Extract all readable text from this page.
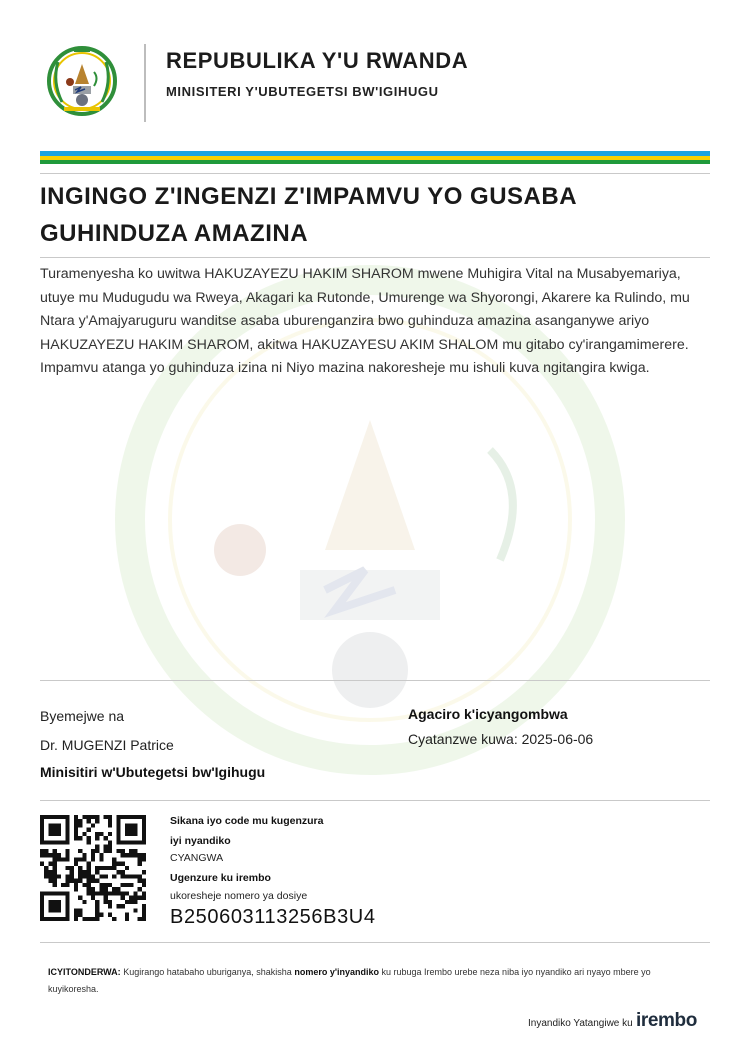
REPUBULIKA Y'U RWANDA
MINISITERI Y'UBUTEGETSI BW'IGIHUGU
INGINGO Z'INGENZI Z'IMPAMVU YO GUSABA GUHINDUZA AMAZINA
Turamenyesha ko uwitwa HAKUZAYEZU HAKIM SHAROM mwene Muhigira Vital na Musabyemariya, utuye mu Mudugudu wa Rweya, Akagari ka Rutonde, Umurenge wa Shyorongi, Akarere ka Rulindo, mu Ntara y'Amajyaruguru wanditse asaba uburenganzira bwo guhinduza amazina asanganywe ariyo HAKUZAYEZU HAKIM SHAROM, akitwa HAKUZAYESU AKIM SHALOM mu gitabo cy'irangamimerere. Impamvu atanga yo guhinduza izina ni Niyo mazina nakoresheje mu ishuli kuva ngitangira kwiga.
Byemejwe na
Dr. MUGENZI Patrice
Minisitiri w'Ubutegetsi bw'Igihugu
Agaciro k'icyangombwa
Cyatanzwe kuwa: 2025-06-06
Sikana iyo code mu kugenzura
iyi nyandiko
CYANGWA
Ugenzure ku irembo
ukoresheje nomero ya dosiye
B250603113256B3U4
ICYITONDERWA: Kugirango hatabaho uburiganya, shakisha nomero y'inyandiko ku rubuga Irembo urebe neza niba iyo nyandiko ari nyayo mbere yo kuyikoresha.
Inyandiko Yatangiwe ku irembo
